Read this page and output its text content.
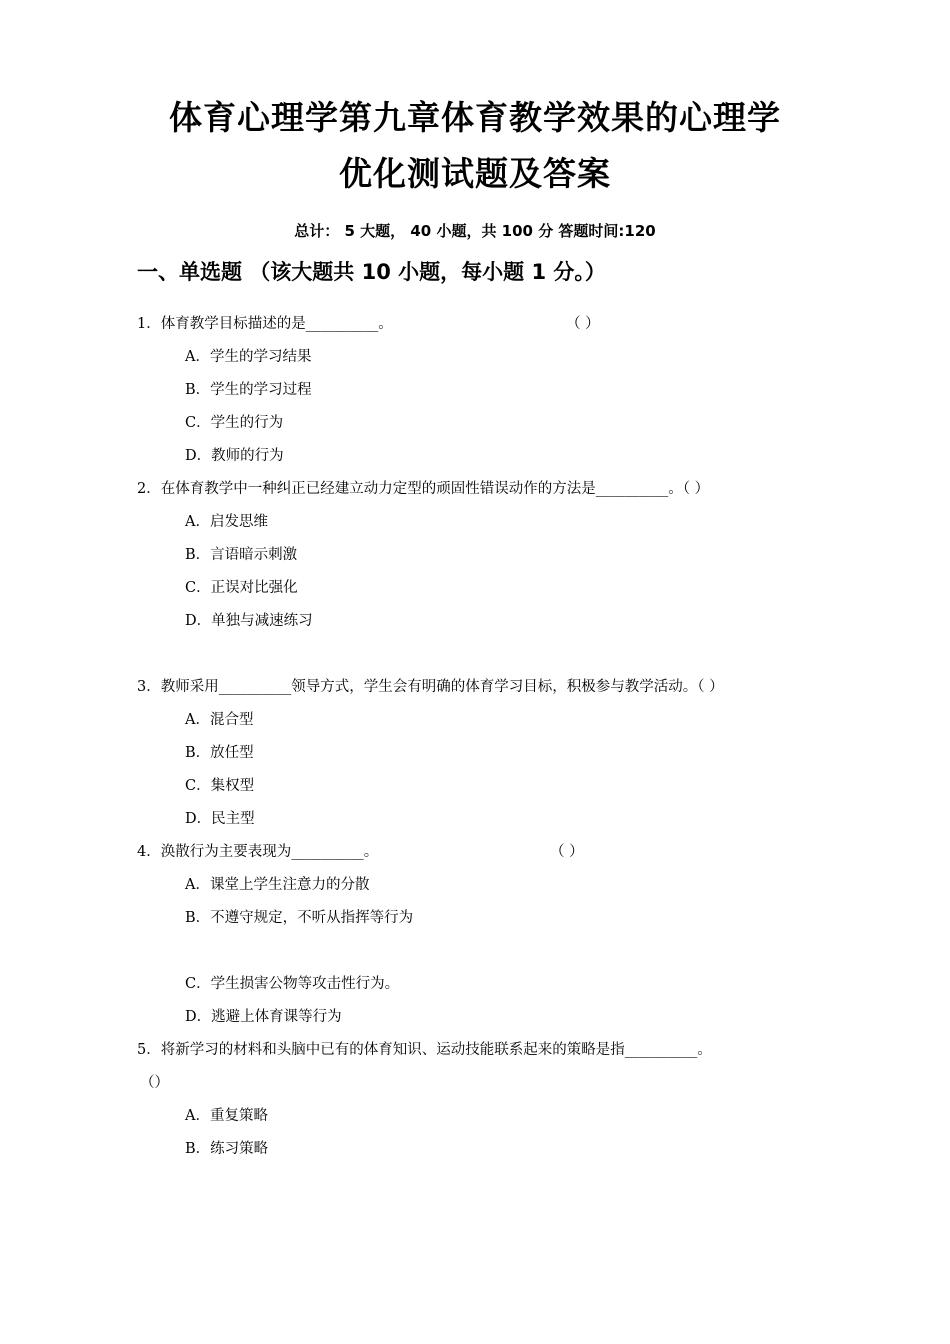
体育心理学第九章体育教学效果的心理学
优化测试题及答案
总计： 5 大题， 40 小题，共 100 分 答题时间:120
一、单选题 （该大题共 10 小题，每小题 1 分。）
1．体育教学目标描述的是__________。	（ ）
A．学生的学习结果
B．学生的学习过程
C．学生的行为
D．教师的行为
2．在体育教学中一种纠正已经建立动力定型的顽固性错误动作的方法是__________。（ ）
A．启发思维
B．言语暗示刺激
C．正误对比强化
D．单独与减速练习
3．教师采用__________领导方式，学生会有明确的体育学习目标，积极参与教学活动。（ ）
A．混合型
B．放任型
C．集权型
D．民主型
4．涣散行为主要表现为__________。	（ ）
A．课堂上学生注意力的分散
B．不遵守规定，不听从指挥等行为
C．学生损害公物等攻击性行为。
D．逃避上体育课等行为
5．将新学习的材料和头脑中已有的体育知识、运动技能联系起来的策略是指__________。
（）
A．重复策略
B．练习策略
